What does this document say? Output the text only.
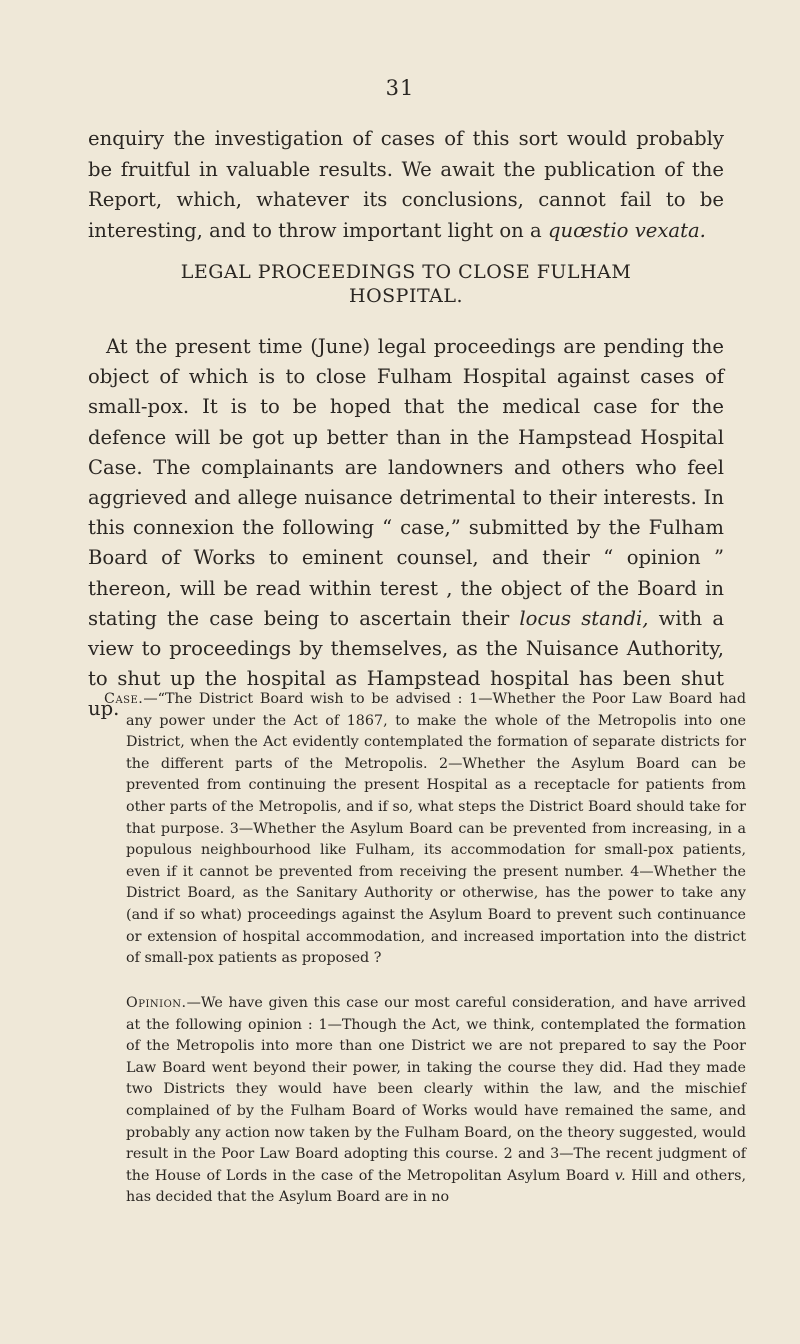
31

enquiry the investigation of cases of this sort would probably be fruitful in valuable results. We await the publication of the Report, which, whatever its conclusions, cannot fail to be interesting, and to throw important light on a quœstio vexata.

LEGAL PROCEEDINGS TO CLOSE FULHAM
HOSPITAL.

At the present time (June) legal proceedings are pending the object of which is to close Fulham Hospital against cases of small-pox. It is to be hoped that the medical case for the defence will be got up better than in the Hampstead Hospital Case. The complainants are landowners and others who feel aggrieved and allege nuisance detrimental to their interests. In this connexion the following “ case,” submitted by the Fulham Board of Works to eminent counsel, and their “ opinion ” thereon, will be read within terest , the object of the Board in stating the case being to ascertain their locus standi, with a view to proceedings by themselves, as the Nuisance Authority, to shut up the hospital as Hampstead hospital has been shut up.

Case.—“The District Board wish to be advised : 1—Whether the Poor Law Board had any power under the Act of 1867, to make the whole of the Metropolis into one District, when the Act evidently contemplated the formation of separate districts for the different parts of the Metropolis. 2—Whether the Asylum Board can be prevented from continuing the present Hospital as a receptacle for patients from other parts of the Metropolis, and if so, what steps the District Board should take for that purpose. 3—Whether the Asylum Board can be prevented from increasing, in a populous neighbourhood like Fulham, its accommodation for small-pox patients, even if it cannot be prevented from receiving the present number. 4—Whether the District Board, as the Sanitary Authority or otherwise, has the power to take any (and if so what) proceedings against the Asylum Board to prevent such continuance or extension of hospital accommodation, and increased importation into the district of small-pox patients as proposed ?

Opinion.—We have given this case our most careful consideration, and have arrived at the following opinion : 1—Though the Act, we think, contemplated the formation of the Metropolis into more than one District we are not prepared to say the Poor Law Board went beyond their power, in taking the course they did. Had they made two Districts they would have been clearly within the law, and the mischief complained of by the Fulham Board of Works would have remained the same, and probably any action now taken by the Fulham Board, on the theory suggested, would result in the Poor Law Board adopting this course. 2 and 3—The recent judgment of the House of Lords in the case of the Metropolitan Asylum Board v. Hill and others, has decided that the Asylum Board are in no
